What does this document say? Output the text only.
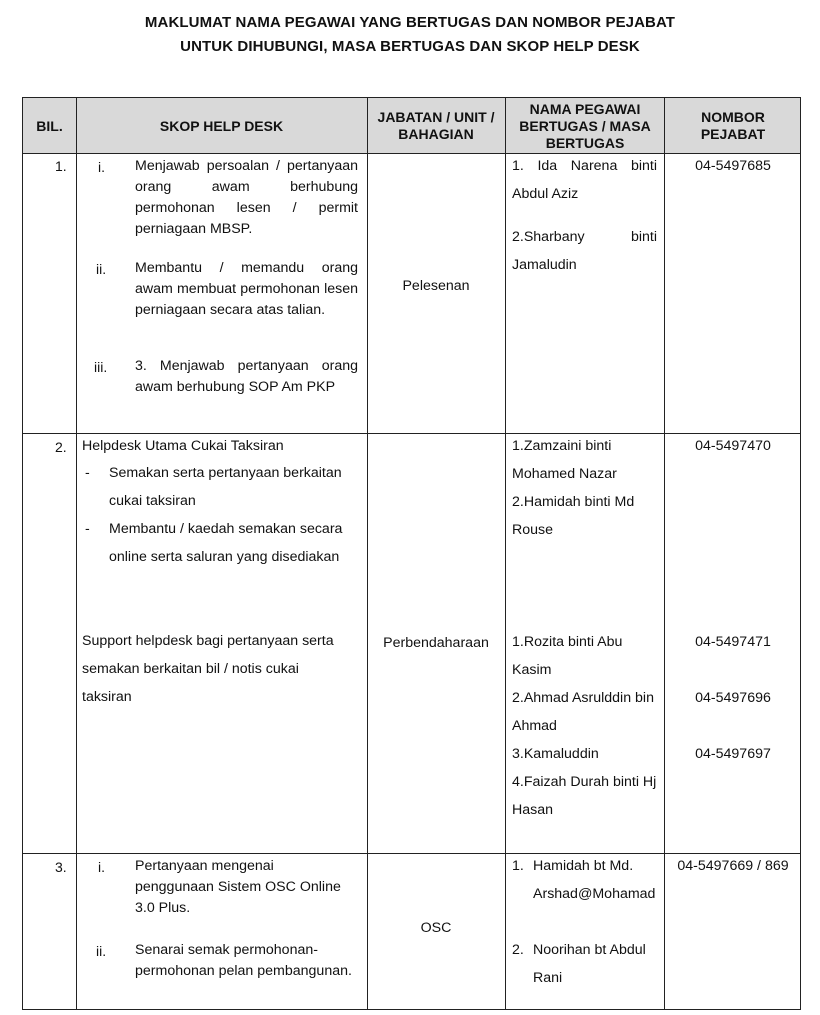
MAKLUMAT NAMA PEGAWAI YANG BERTUGAS DAN NOMBOR PEJABAT
UNTUK DIHUBUNGI, MASA BERTUGAS DAN SKOP HELP DESK
BIL.	SKOP HELP DESK
JABATAN / UNIT / BAHAGIAN
NAMA PEGAWAI BERTUGAS / MASA BERTUGAS
NOMBOR PEJABAT
1. i. Menjawab persoalan / pertanyaan orang awam berhubung permohonan lesen / permit perniagaan MBSP.
ii. Membantu / memandu orang awam membuat permohonan lesen perniagaan secara atas talian.
iii. 3. Menjawab pertanyaan orang awam berhubung SOP Am PKP
Pelesenan
1. Ida Narena binti Abdul Aziz
2.Sharbany binti Jamaludin
04-5497685
2. Helpdesk Utama Cukai Taksiran
- Semakan serta pertanyaan berkaitan cukai taksiran
- Membantu / kaedah semakan secara online serta saluran yang disediakan
Support helpdesk bagi pertanyaan serta semakan berkaitan bil / notis cukai taksiran
Perbendaharaan
1.Zamzaini binti Mohamed Nazar
2.Hamidah binti Md Rouse
04-5497470
1.Rozita binti Abu Kasim
2.Ahmad Asrulddin bin Ahmad
3.Kamaluddin
4.Faizah Durah binti Hj Hasan
04-5497471
04-5497696
04-5497697
3. i. Pertanyaan mengenai penggunaan Sistem OSC Online 3.0 Plus.
ii. Senarai semak permohonan-permohonan pelan pembangunan.
OSC
1. Hamidah bt Md. Arshad@Mohamad
2. Noorihan bt Abdul Rani
04-5497669 / 869
